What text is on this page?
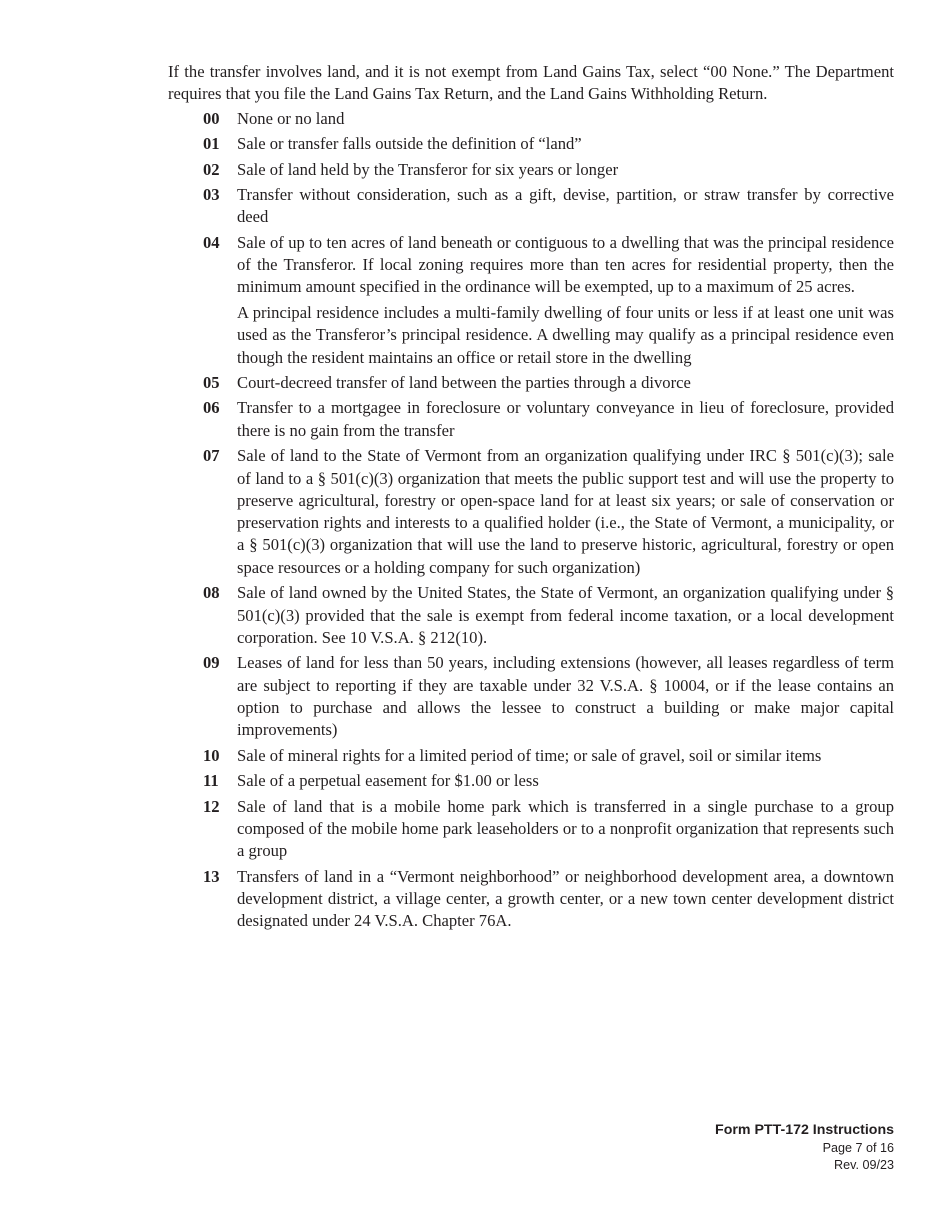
If the transfer involves land, and it is not exempt from Land Gains Tax, select “00 None.” The Department requires that you file the Land Gains Tax Return, and the Land Gains Withholding Return.

00	None or no land

01	Sale or transfer falls outside the definition of “land”

02	Sale of land held by the Transferor for six years or longer

03	Transfer without consideration, such as a gift, devise, partition, or straw transfer by corrective deed

04	Sale of up to ten acres of land beneath or contiguous to a dwelling that was the principal residence of the Transferor. If local zoning requires more than ten acres for residential property, then the minimum amount specified in the ordinance will be exempted, up to a maximum of 25 acres.

A principal residence includes a multi-family dwelling of four units or less if at least one unit was used as the Transferor’s principal residence. A dwelling may qualify as a principal residence even though the resident maintains an office or retail store in the dwelling

05	Court-decreed transfer of land between the parties through a divorce

06	Transfer to a mortgagee in foreclosure or voluntary conveyance in lieu of foreclosure, provided there is no gain from the transfer

07	Sale of land to the State of Vermont from an organization qualifying under IRC § 501(c)(3); sale of land to a § 501(c)(3) organization that meets the public support test and will use the property to preserve agricultural, forestry or open-space land for at least six years; or sale of conservation or preservation rights and interests to a qualified holder (i.e., the State of Vermont, a municipality, or a § 501(c)(3) organization that will use the land to preserve historic, agricultural, forestry or open space resources or a holding company for such organization)

08	Sale of land owned by the United States, the State of Vermont, an organization qualifying under § 501(c)(3) provided that the sale is exempt from federal income taxation, or a local development corporation. See 10 V.S.A. § 212(10).

09	Leases of land for less than 50 years, including extensions (however, all leases regardless of term are subject to reporting if they are taxable under 32 V.S.A. § 10004, or if the lease contains an option to purchase and allows the lessee to construct a building or make major capital improvements)

10	Sale of mineral rights for a limited period of time; or sale of gravel, soil or similar items

11	Sale of a perpetual easement for $1.00 or less

12	Sale of land that is a mobile home park which is transferred in a single purchase to a group composed of the mobile home park leaseholders or to a nonprofit organization that represents such a group

13	Transfers of land in a “Vermont neighborhood” or neighborhood development area, a downtown development district, a village center, a growth center, or a new town center development district designated under 24 V.S.A. Chapter 76A.

Form PTT-172 Instructions
Page 7 of 16
Rev. 09/23
